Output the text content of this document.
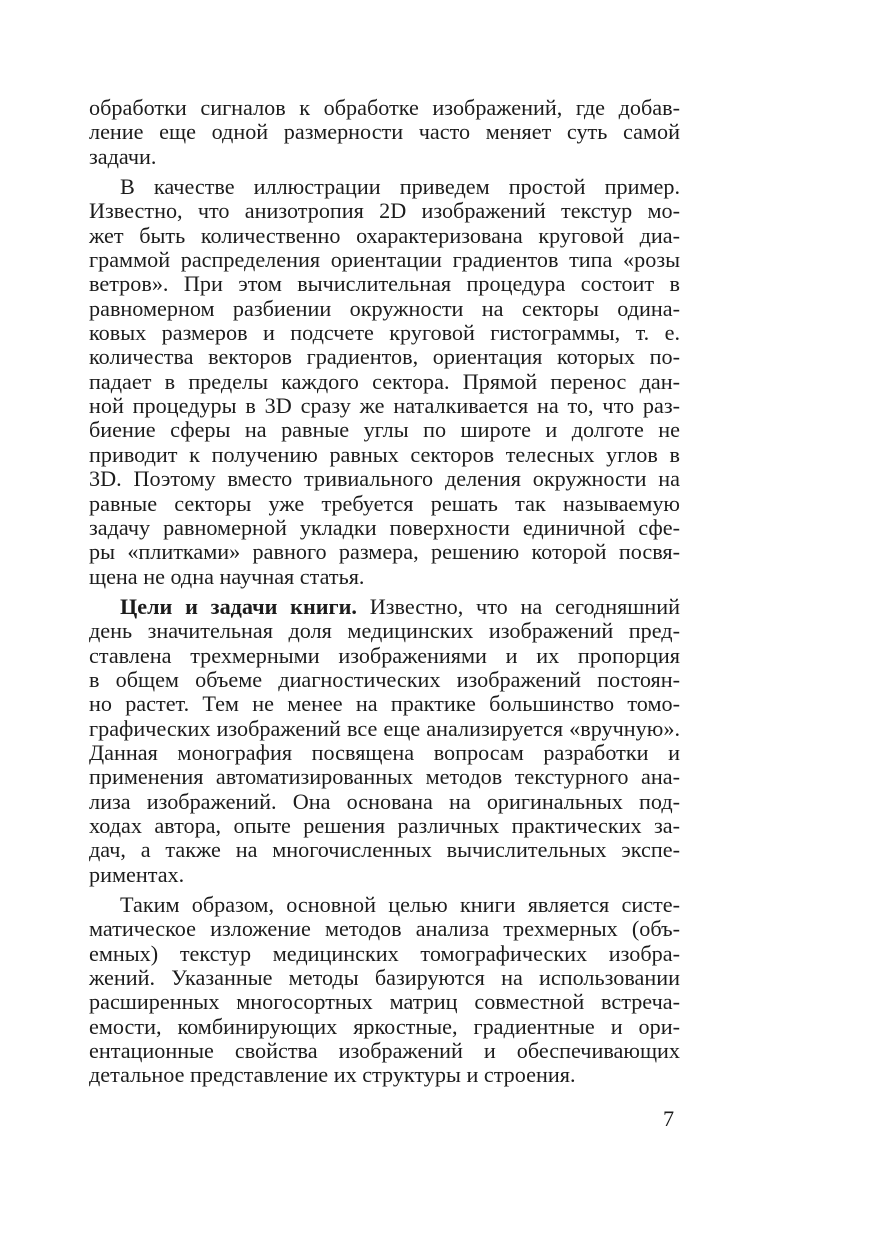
обработки сигналов к обработке изображений, где добав-
ление еще одной размерности часто меняет суть самой
задачи.
В качестве иллюстрации приведем простой пример.
Известно, что анизотропия 2D изображений текстур мо-
жет быть количественно охарактеризована круговой диа-
граммой распределения ориентации градиентов типа «розы
ветров». При этом вычислительная процедура состоит в
равномерном разбиении окружности на секторы одина-
ковых размеров и подсчете круговой гистограммы, т. е.
количества векторов градиентов, ориентация которых по-
падает в пределы каждого сектора. Прямой перенос дан-
ной процедуры в 3D сразу же наталкивается на то, что раз-
биение сферы на равные углы по широте и долготе не
приводит к получению равных секторов телесных углов в
3D. Поэтому вместо тривиального деления окружности на
равные секторы уже требуется решать так называемую
задачу равномерной укладки поверхности единичной сфе-
ры «плитками» равного размера, решению которой посвя-
щена не одна научная статья.
Цели и задачи книги. Известно, что на сегодняшний
день значительная доля медицинских изображений пред-
ставлена трехмерными изображениями и их пропорция
в общем объеме диагностических изображений постоян-
но растет. Тем не менее на практике большинство томо-
графических изображений все еще анализируется «вручную».
Данная монография посвящена вопросам разработки и
применения автоматизированных методов текстурного ана-
лиза изображений. Она основана на оригинальных под-
ходах автора, опыте решения различных практических за-
дач, а также на многочисленных вычислительных экспе-
риментах.
Таким образом, основной целью книги является систе-
матическое изложение методов анализа трехмерных (объ-
емных) текстур медицинских томографических изобра-
жений. Указанные методы базируются на использовании
расширенных многосортных матриц совместной встреча-
емости, комбинирующих яркостные, градиентные и ори-
ентационные свойства изображений и обеспечивающих
детальное представление их структуры и строения.
7
